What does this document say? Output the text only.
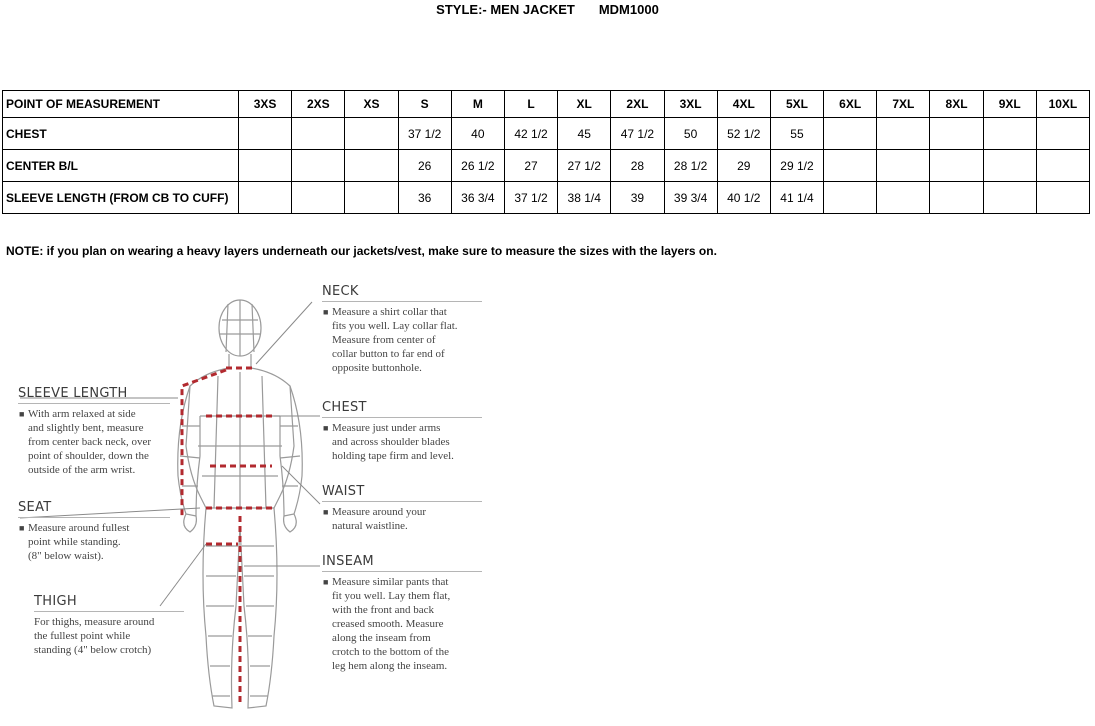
STYLE:- MEN JACKET MDM1000
POINT OF MEASUREMENT	3XS	2XS	XS	S	M	L	XL	2XL	3XL	4XL	5XL	6XL	7XL	8XL	9XL	10XL
CHEST				37 1/2	40	42 1/2	45	47 1/2	50	52 1/2	55					
CENTER B/L				26	26 1/2	27	27 1/2	28	28 1/2	29	29 1/2					
SLEEVE LENGTH (FROM CB TO CUFF)				36	36 3/4	37 1/2	38 1/4	39	39 3/4	40 1/2	41 1/4					
NOTE: if you plan on wearing a heavy layers underneath our jackets/vest, make sure to measure the sizes with the layers on.
NECK
■ Measure a shirt collar that
fits you well. Lay collar flat.
Measure from center of
collar button to far end of
opposite buttonhole.
CHEST
■ Measure just under arms
and across shoulder blades
holding tape firm and level.
WAIST
■ Measure around your
natural waistline.
INSEAM
■ Measure similar pants that
fit you well. Lay them flat,
with the front and back
creased smooth. Measure
along the inseam from
crotch to the bottom of the
leg hem along the inseam.
SLEEVE LENGTH
■ With arm relaxed at side
and slightly bent, measure
from center back neck, over
point of shoulder, down the
outside of the arm wrist.
SEAT
■ Measure around fullest
point while standing.
(8" below waist).
THIGH
For thighs, measure around
the fullest point while
standing (4" below crotch)
